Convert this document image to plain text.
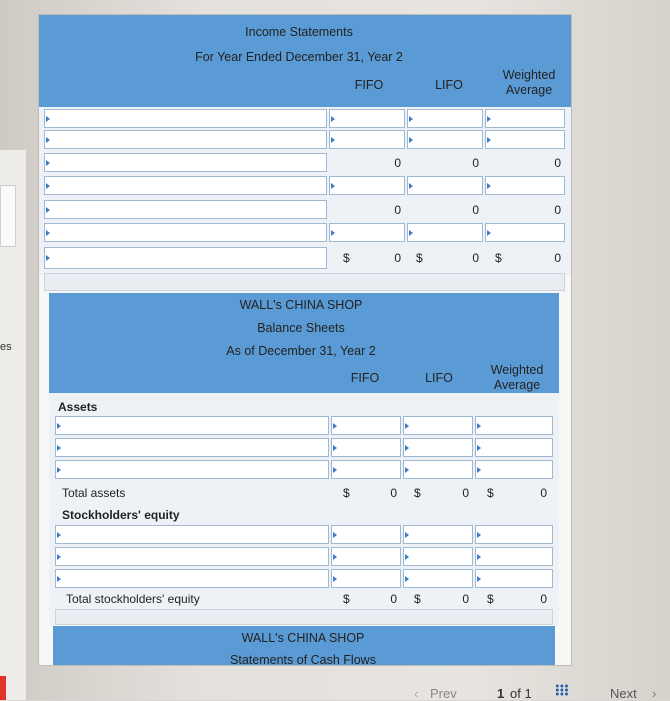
es
Income Statements
For Year Ended December 31, Year 2
FIFO	LIFO
Weighted
Average
0	0	0
0	0	0
$	0 $	0 $	0
WALL's CHINA SHOP
Balance Sheets
As of December 31, Year 2
FIFO	LIFO
Weighted
Average
Assets
Total assets	$	0 $	0 $	0
Stockholders' equity
Total stockholders' equity	$	0 $	0 $	0
WALL's CHINA SHOP
Statements of Cash Flows
‹ Prev	1 of 1	Next ›
